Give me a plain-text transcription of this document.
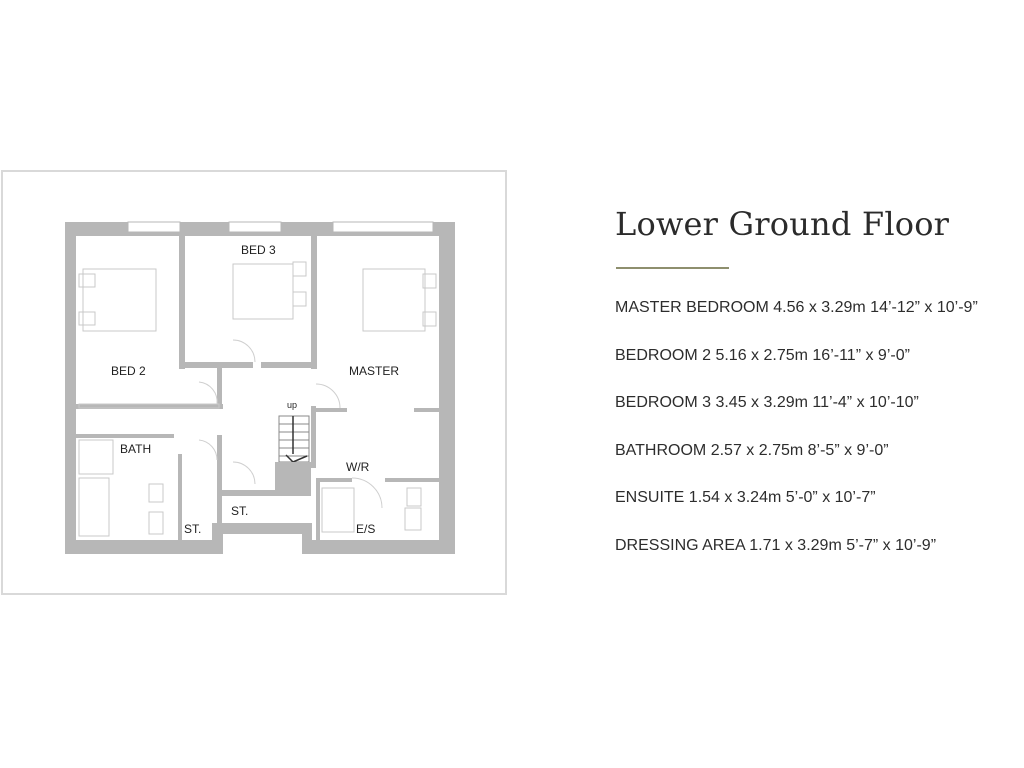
BED 3
BED 2	MASTER
BATH
W/R
E/S
ST.
ST.
up
Lower Ground Floor
MASTER BEDROOM 4.56 x 3.29m 14’-12” x 10’-9”
BEDROOM 2 5.16 x 2.75m 16’-11” x 9’-0”
BEDROOM 3 3.45 x 3.29m 11’-4” x 10’-10”
BATHROOM 2.57 x 2.75m 8’-5” x 9’-0”
ENSUITE 1.54 x 3.24m 5’-0” x 10’-7”
DRESSING AREA 1.71 x 3.29m 5’-7” x 10’-9”
